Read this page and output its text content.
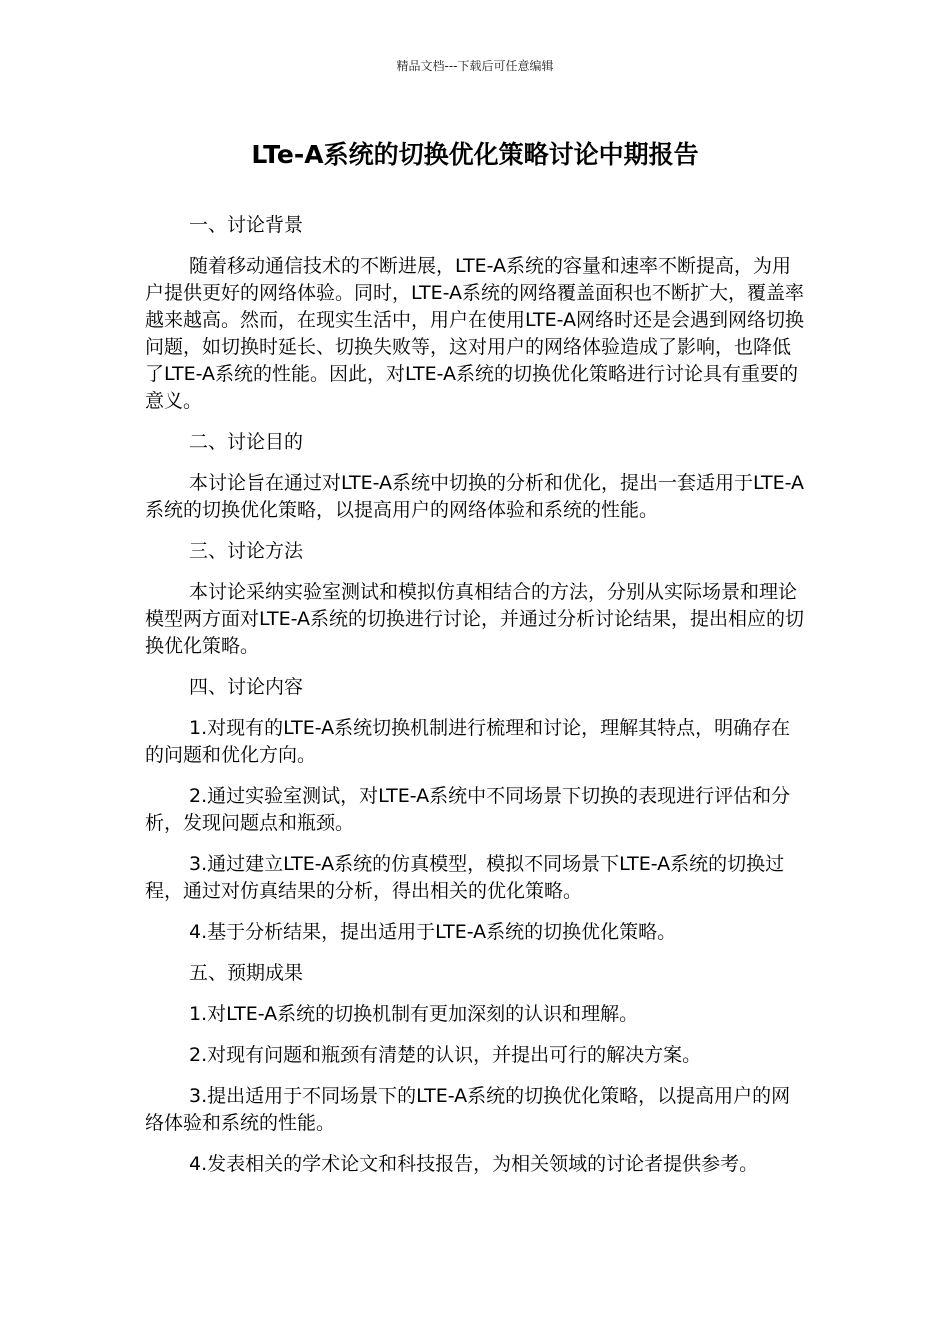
精品文档---下载后可任意编辑
LTe-A系统的切换优化策略讨论中期报告

一、讨论背景

随着移动通信技术的不断进展，LTE-A系统的容量和速率不断提高，为用户提供更好的网络体验。同时，LTE-A系统的网络覆盖面积也不断扩大，覆盖率越来越高。然而，在现实生活中，用户在使用LTE-A网络时还是会遇到网络切换问题，如切换时延长、切换失败等，这对用户的网络体验造成了影响，也降低了LTE-A系统的性能。因此，对LTE-A系统的切换优化策略进行讨论具有重要的意义。

二、讨论目的

本讨论旨在通过对LTE-A系统中切换的分析和优化，提出一套适用于LTE-A系统的切换优化策略，以提高用户的网络体验和系统的性能。

三、讨论方法

本讨论采纳实验室测试和模拟仿真相结合的方法，分别从实际场景和理论模型两方面对LTE-A系统的切换进行讨论，并通过分析讨论结果，提出相应的切换优化策略。

四、讨论内容

1.对现有的LTE-A系统切换机制进行梳理和讨论，理解其特点，明确存在的问题和优化方向。

2.通过实验室测试，对LTE-A系统中不同场景下切换的表现进行评估和分析，发现问题点和瓶颈。

3.通过建立LTE-A系统的仿真模型，模拟不同场景下LTE-A系统的切换过程，通过对仿真结果的分析，得出相关的优化策略。

4.基于分析结果，提出适用于LTE-A系统的切换优化策略。

五、预期成果

1.对LTE-A系统的切换机制有更加深刻的认识和理解。

2.对现有问题和瓶颈有清楚的认识，并提出可行的解决方案。

3.提出适用于不同场景下的LTE-A系统的切换优化策略，以提高用户的网络体验和系统的性能。

4.发表相关的学术论文和科技报告，为相关领域的讨论者提供参考。
